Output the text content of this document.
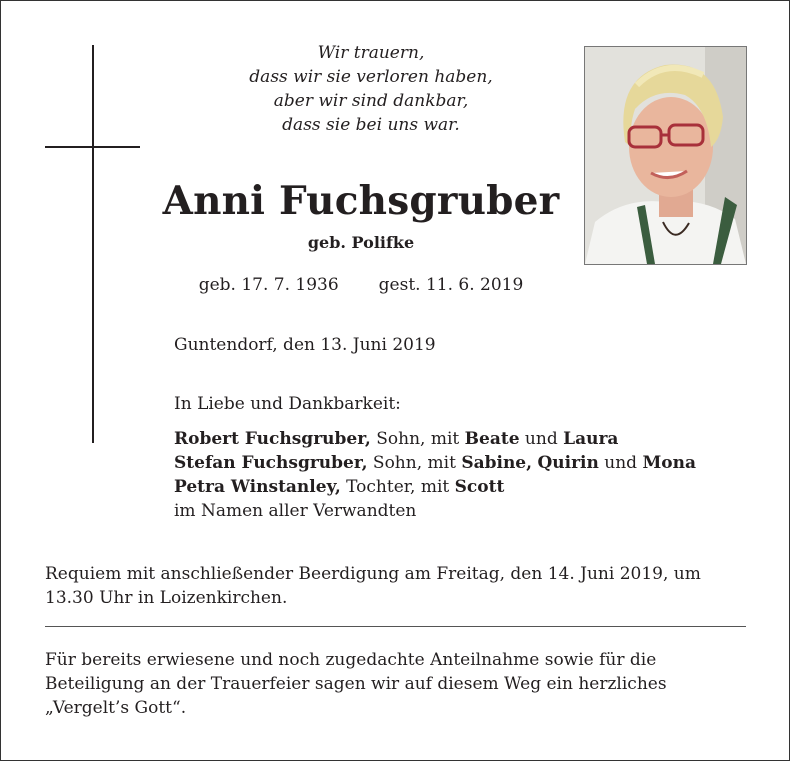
Wir trauern,
dass wir sie verloren haben,
aber wir sind dankbar,
dass sie bei uns war.
Anni Fuchsgruber
geb. Polifke
geb. 17. 7. 1936 gest. 11. 6. 2019
Guntendorf, den 13. Juni 2019
In Liebe und Dankbarkeit:
Robert Fuchsgruber, Sohn, mit Beate und Laura
Stefan Fuchsgruber, Sohn, mit Sabine, Quirin und Mona
Petra Winstanley, Tochter, mit Scott
im Namen aller Verwandten
Requiem mit anschließender Beerdigung am Freitag, den 14. Juni 2019, um 13.30 Uhr in Loizenkirchen.
Für bereits erwiesene und noch zugedachte Anteilnahme sowie für die Beteiligung an der Trauerfeier sagen wir auf diesem Weg ein herzliches „Vergelt’s Gott“.
